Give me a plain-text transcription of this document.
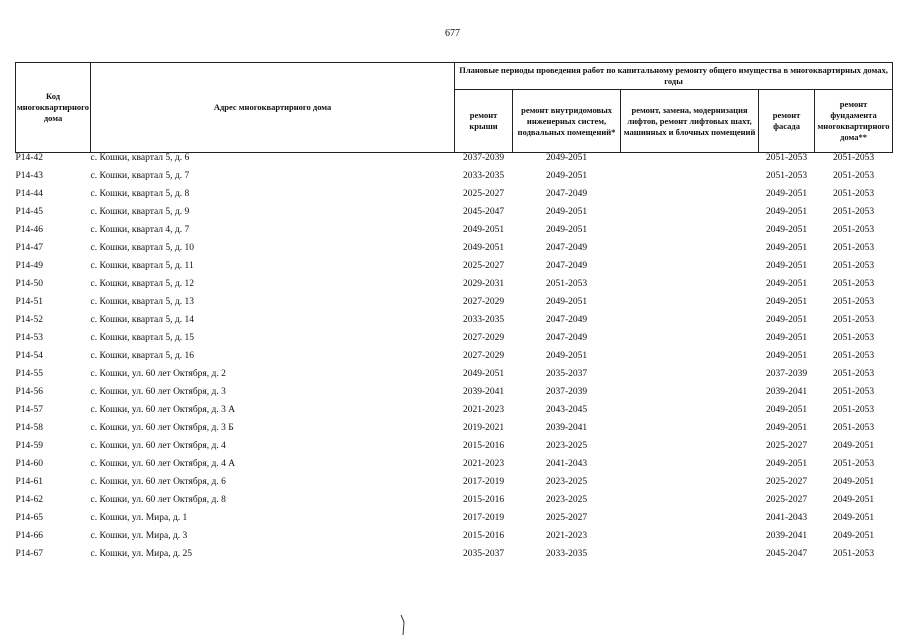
677
Код многоквартирного дома	Адрес многоквартирного дома	Плановые периоды проведения работ по капитальному ремонту общего имущества в многоквартирных домах, годы				
		ремонт крыши	ремонт внутридомовых инженерных систем, подвальных помещений*	ремонт, замена, модернизация лифтов, ремонт лифтовых шахт, машинных и блочных помещений	ремонт фасада	ремонт фундамента многоквартирного дома**
Р14-42	с. Кошки, квартал 5, д. 6	2037-2039	2049-2051		2051-2053	2051-2053
Р14-43	с. Кошки, квартал 5, д. 7	2033-2035	2049-2051		2051-2053	2051-2053
Р14-44	с. Кошки, квартал 5, д. 8	2025-2027	2047-2049		2049-2051	2051-2053
Р14-45	с. Кошки, квартал 5, д. 9	2045-2047	2049-2051		2049-2051	2051-2053
Р14-46	с. Кошки, квартал 4, д. 7	2049-2051	2049-2051		2049-2051	2051-2053
Р14-47	с. Кошки, квартал 5, д. 10	2049-2051	2047-2049		2049-2051	2051-2053
Р14-49	с. Кошки, квартал 5, д. 11	2025-2027	2047-2049		2049-2051	2051-2053
Р14-50	с. Кошки, квартал 5, д. 12	2029-2031	2051-2053		2049-2051	2051-2053
Р14-51	с. Кошки, квартал 5, д. 13	2027-2029	2049-2051		2049-2051	2051-2053
Р14-52	с. Кошки, квартал 5, д. 14	2033-2035	2047-2049		2049-2051	2051-2053
Р14-53	с. Кошки, квартал 5, д. 15	2027-2029	2047-2049		2049-2051	2051-2053
Р14-54	с. Кошки, квартал 5, д. 16	2027-2029	2049-2051		2049-2051	2051-2053
Р14-55	с. Кошки, ул. 60 лет Октября, д. 2	2049-2051	2035-2037		2037-2039	2051-2053
Р14-56	с. Кошки, ул. 60 лет Октября, д. 3	2039-2041	2037-2039		2039-2041	2051-2053
Р14-57	с. Кошки, ул. 60 лет Октября, д. 3 А	2021-2023	2043-2045		2049-2051	2051-2053
Р14-58	с. Кошки, ул. 60 лет Октября, д. 3 Б	2019-2021	2039-2041		2049-2051	2051-2053
Р14-59	с. Кошки, ул. 60 лет Октября, д. 4	2015-2016	2023-2025		2025-2027	2049-2051
Р14-60	с. Кошки, ул. 60 лет Октября, д. 4 А	2021-2023	2041-2043		2049-2051	2051-2053
Р14-61	с. Кошки, ул. 60 лет Октября, д. 6	2017-2019	2023-2025		2025-2027	2049-2051
Р14-62	с. Кошки, ул. 60 лет Октября, д. 8	2015-2016	2023-2025		2025-2027	2049-2051
Р14-65	с. Кошки, ул. Мира, д. 1	2017-2019	2025-2027		2041-2043	2049-2051
Р14-66	с. Кошки, ул. Мира, д. 3	2015-2016	2021-2023		2039-2041	2049-2051
Р14-67	с. Кошки, ул. Мира, д. 25	2035-2037	2033-2035		2045-2047	2051-2053
